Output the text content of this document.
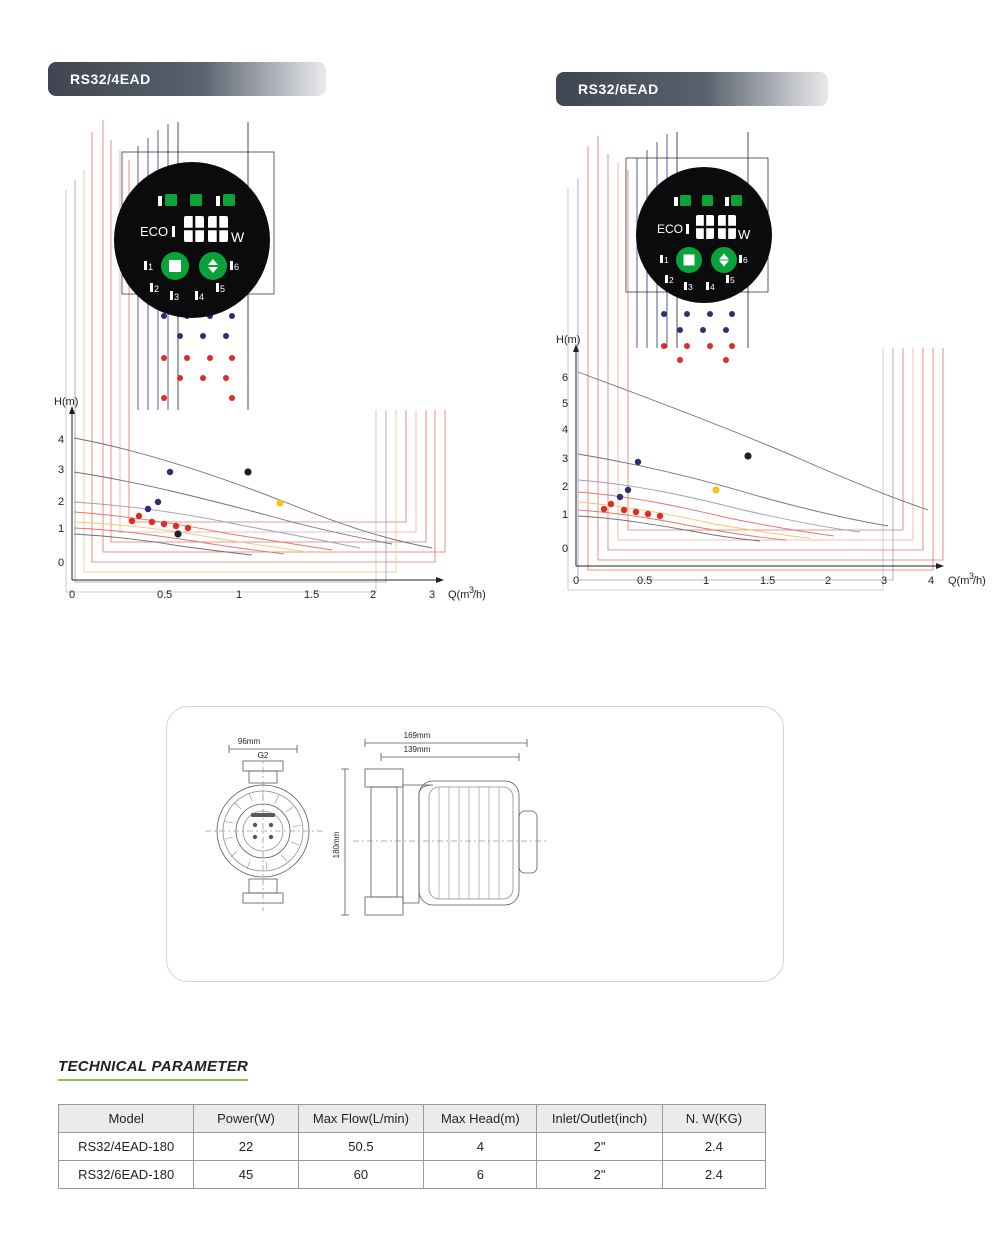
RS32/4EAD
RS32/6EAD
H(m)
Q(m 3
/h)
4
3
2
1
0
0	0.5	1	1.5	2	3
ECO	W
1
2
3 4
5
6
H(m)
Q(m 3
/h)
6
5
4
3
2
1
0
0	0.5	1	1.5	2	3	4
ECO	W
1
2
3 4
5
6
96mm
G2
169mm
139mm
180mm
TECHNICAL PARAMETER
Model	Power(W)	Max Flow(L/min)	Max Head(m)	Inlet/Outlet(inch)	N. W(KG)
RS32/4EAD-180	22	50.5	4	2"	2.4
RS32/6EAD-180	45	60	6	2"	2.4
